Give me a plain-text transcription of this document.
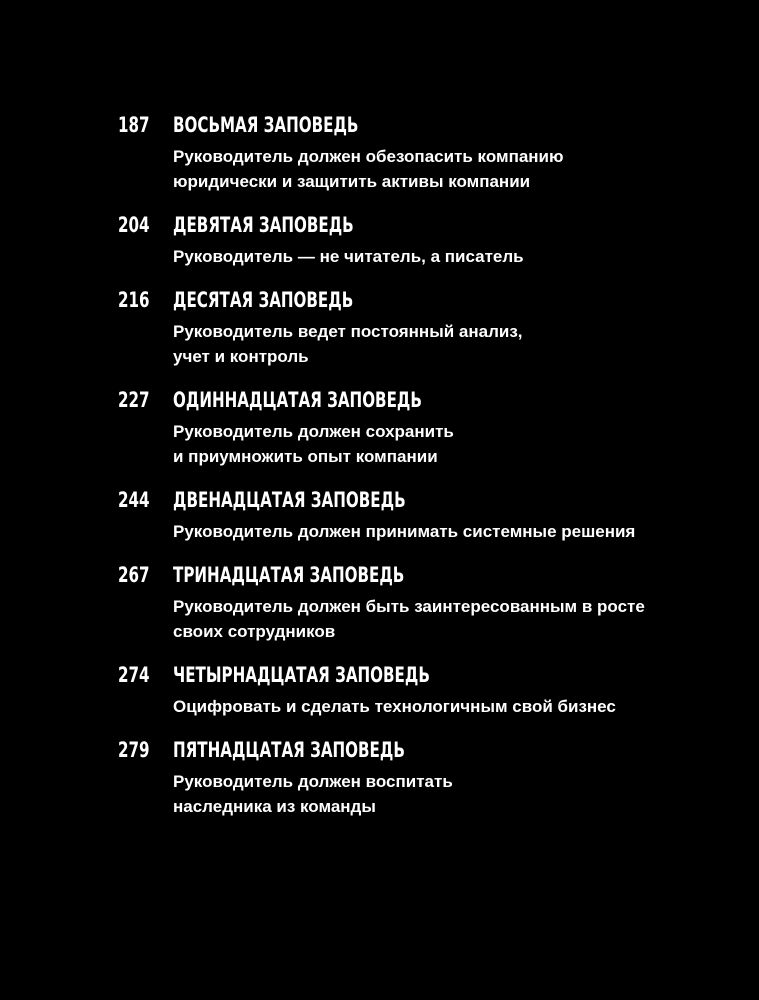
187	ВОСЬМАЯ ЗАПОВЕДЬ
Руководитель должен обезопасить компанию
юридически и защитить активы компании
204	ДЕВЯТАЯ ЗАПОВЕДЬ
Руководитель — не читатель, а писатель
216	ДЕСЯТАЯ ЗАПОВЕДЬ
Руководитель ведет постоянный анализ,
учет и контроль
227	ОДИННАДЦАТАЯ ЗАПОВЕДЬ
Руководитель должен сохранить
и приумножить опыт компании
244	ДВЕНАДЦАТАЯ ЗАПОВЕДЬ
Руководитель должен принимать системные решения
267	ТРИНАДЦАТАЯ ЗАПОВЕДЬ
Руководитель должен быть заинтересованным в росте
своих сотрудников
274	ЧЕТЫРНАДЦАТАЯ ЗАПОВЕДЬ
Оцифровать и сделать технологичным свой бизнес
279	ПЯТНАДЦАТАЯ ЗАПОВЕДЬ
Руководитель должен воспитать
наследника из команды
